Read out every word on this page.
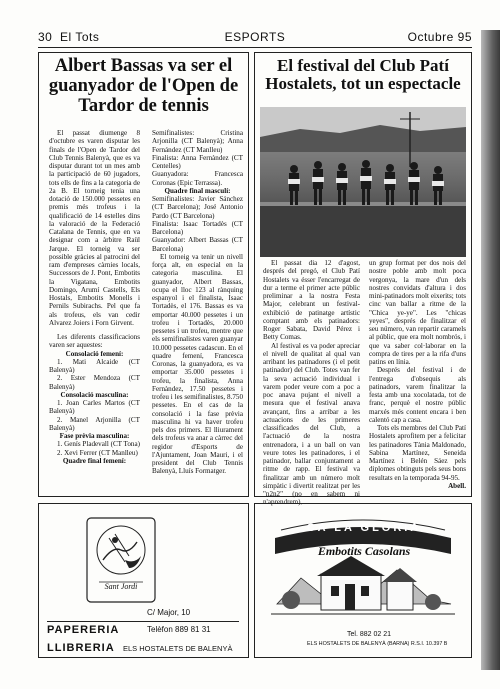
30 El Tots	ESPORTS	Octubre 95
Albert Bassas va ser el guanyador de l'Open de Tardor de tennis

El passat diumenge 8 d'octubre es varen disputar les finals de l'Open de Tardor del Club Tennis Balenyà, que es va disputar durant tot un mes amb la participació de 60 jugadors, tots ells de fins a la categoria de 2a B. El torneig tenia una dotació de 150.000 pessetes en premis més trofeus i la qualificació de 14 estelles dins la valoració de la Federació Catalana de Tennis, que en va designar com a àrbitre Raül Jarque. El torneig va ser possible gràcies al patrocini del ram d'empreses càrnies locals, Successors de J. Pont, Embotits la Vigatana, Embotits Domingo, Arumí Castells, Els Hostals, Embotits Monells i Pernils Subirachs. Pel que fa als trofeus, els van cedir Alvarez Joiers i Forn Girvent.

Les diferents classificacions varen ser aquestes:

Consolació femení:

1. Mati Alcaide (CT Balenyà)

2. Ester Mendoza (CT Balenyà)

Consolació masculina:

1. Joan Carles Martos (CT Balenyà)

2. Manel Arjonilla (CT Balenyà)

Fase prèvia masculina:

1. Genís Pladevall (CT Tona)

2. Xevi Ferrer (CT Manlleu)

Quadre final femení:

Semifinalistes: Cristina Arjonilla (CT Balenyà); Anna Fernández (CT Manlleu)

Finalista: Anna Fernàndez (CT Centelles)

Guanyadora: Francesca Coronas (Epic Terrassa).

Quadre final masculí:

Semifinalistes: Javier Sánchez (CT Barcelona); José Antonio Pardo (CT Barcelona)

Finalista: Isaac Tortadès (CT Barcelona)

Guanyador: Albert Bassas (CT Barcelona)

El torneig va tenir un nivell força alt, en especial en la categoria masculina. El guanyador, Albert Bassas, ocupa el lloc 123 al rànquing espanyol i el finalista, Isaac Tortadès, el 176. Bassas es va emportar 40.000 pessetes i un trofeu i Tortadès, 20.000 pessetes i un trofeu, mentre que els semifinalistes varen guanyar 10.000 pessetes cadascun. En el quadre femení, Francesca Coronas, la guanyadora, es va emportar 35.000 pessetes i trofeu, la finalista, Anna Fernàndez, 17.50 pessetes i trofeu i les semifinalistes, 8.750 pessetes. En el cas de la consolació i la fase prèvia masculina hi va haver trofeu pels dos primers. El lliurament dels trofeus va anar a càrrec del regidor d'Esports de l'Ajuntament, Joan Mauri, i el president del Club Tennis Balenyà, Lluís Formatger.

El festival del Club Patí Hostalets, tot un espectacle

El passat dia 12 d'agost, després del pregó, el Club Patí Hostalets va ésser l'encarregat de dur a terme el primer acte públic preliminar a la nostra Festa Major, celebrant un festival-exhibició de patinatge artístic comptant amb els patinadors: Roger Sabata, David Pérez i Betty Comas.

Al festival es va poder apreciar el nivell de qualitat al qual van arribant les patinadores (i el petit patinador) del Club. Totes van fer la seva actuació individual i varem poder veure com a poc a poc anava pujant el nivell a mesura que el festival anava avançant, fins a arribar a les actuacions de les primeres classificades del Club, a l'actuació de la nostra entrenadora, i a un ball on van veure totes les patinadores, i el patinador, ballar conjuntament a ritme de rapp. El festival va finalitzar amb un número molt simpàtic i divertit realitzat per les "n2n2" (no en sabem ni n'aprendrem),

un grup format per dos nois del nostre poble amb molt poca vergonya, la mare d'un dels nostres convidats d'altura i dos mini-patinadors molt eixerits; tots cinc van ballar a ritme de la "Chica ye-ye". Les "chicas yeyes", després de finalitzar el seu número, van repartir caramels al públic, que era molt nombrós, i que va saber col·laborar en la compra de tires per a la rifa d'uns patins en línia.

Després del festival i de l'entrega d'obsequis als patinadors, varem finalitzar la festa amb una xocolatada, tot de franc, perquè el nostre públic marxés més content encara i ben calentó cap a casa.

Tots els membres del Club Patí Hostalets aprofitem per a felicitar les patinadores Tània Maldonado, Sabina Martínez, Seneida Martínez i Belén Sáez pels diplomes obtinguts pels seus bons resultats en la temporada 94-95.

Abell.

Sant Jordi
C/ Major, 10
Telèfon 889 81 31
PAPERERIA
LLIBRERIA ELS HOSTALETS DE BALENYÀ
CA LA GLORIA
Embotits Casolans
Tel. 882 02 21
ELS HOSTALETS DE BALENYÀ (BARNA) R.S.I. 10.397 B
